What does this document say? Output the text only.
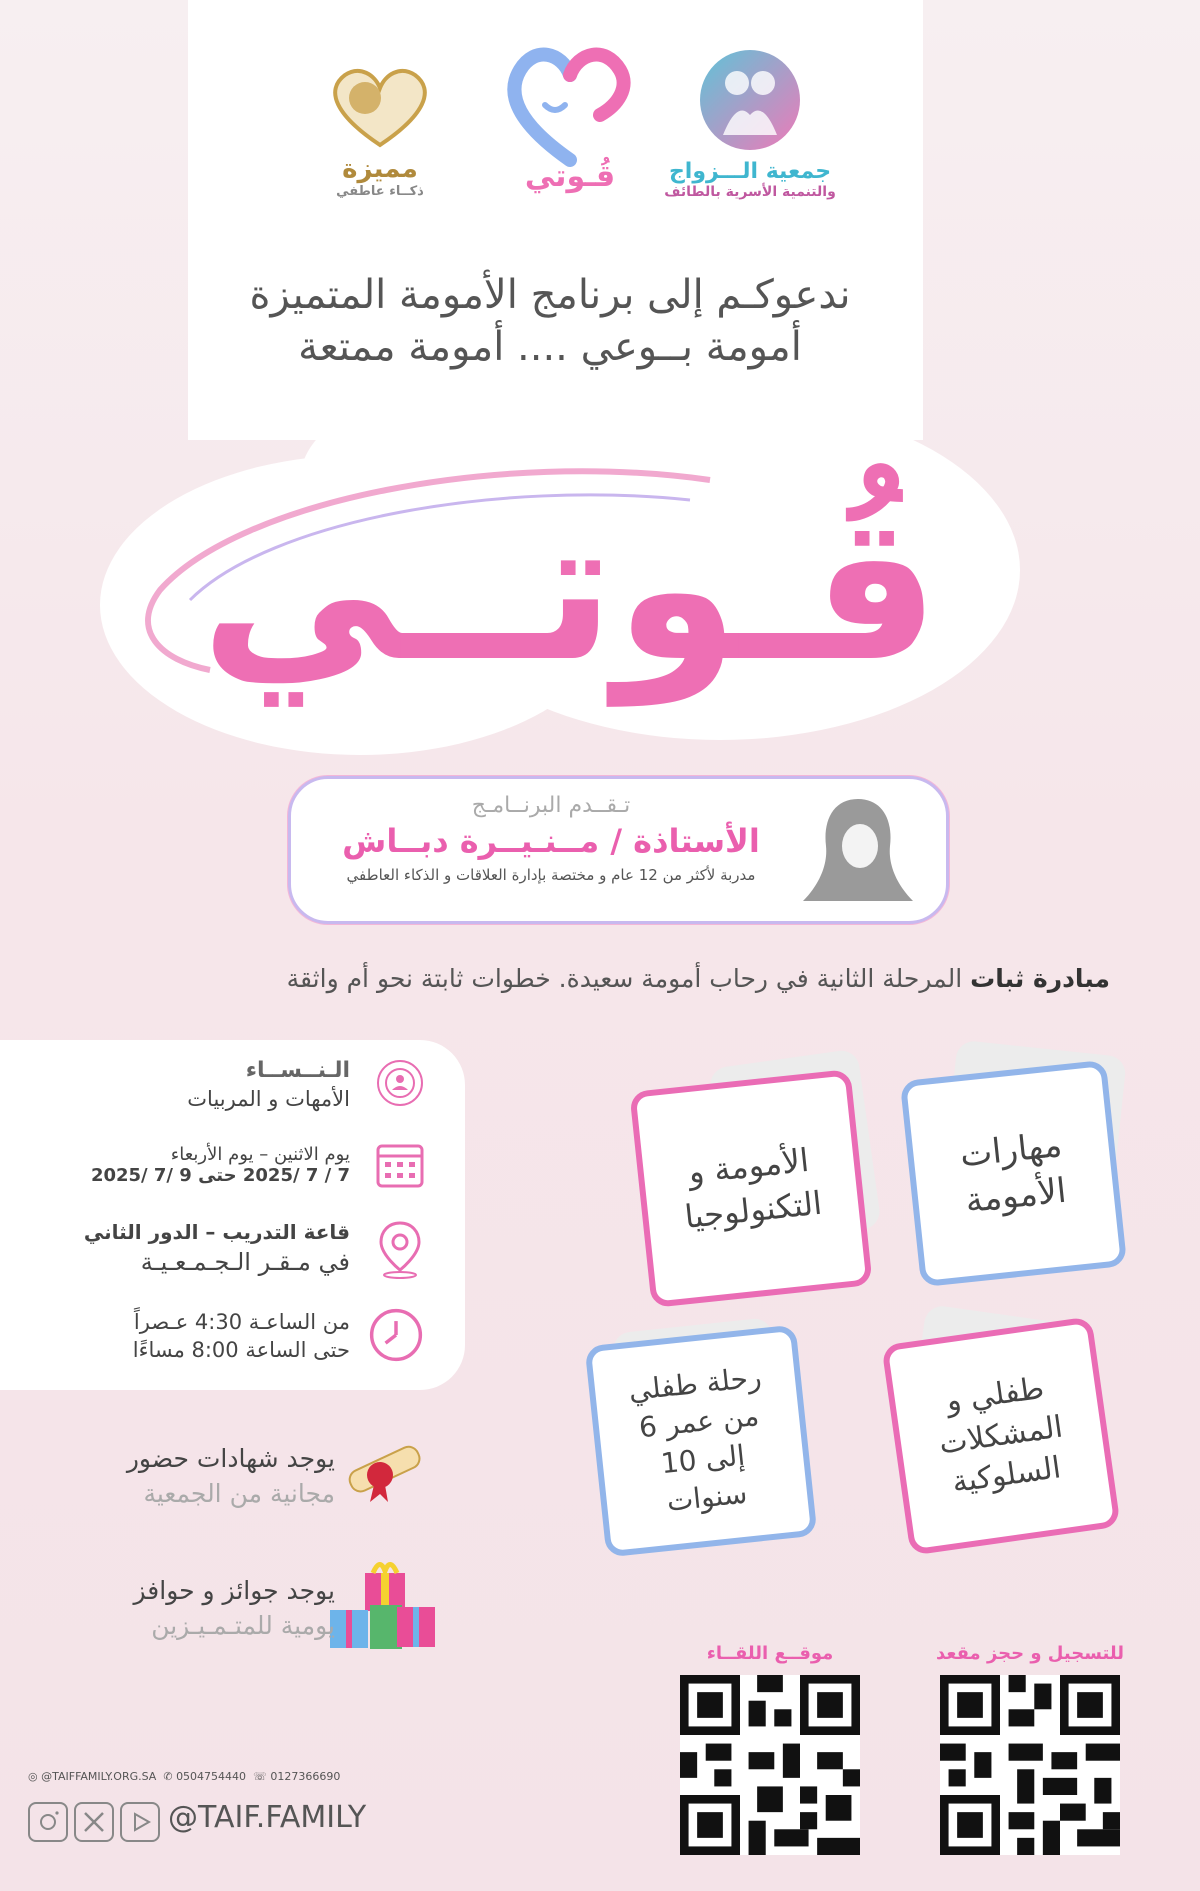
جمعية الـــزواج
والتنمية الأسرية بالطائف
قُـوتي
مميزة
ذكــاء عاطفي
ندعوكـم إلى برنامج الأمومة المتميزة
أمومة بــوعي .... أمومة ممتعة
قُـوتــي
تـقــدم البرنــامـج
الأستاذة / مــنـيــرة دبــاش
مدربة لأكثر من 12 عام و مختصة بإدارة العلاقات و الذكاء العاطفي
مبادرة ثبات المرحلة الثانية في رحاب أمومة سعيدة. خطوات ثابتة نحو أم واثقة
الـنــســاء
الأمهات و المربيات
يوم الاثنين – يوم الأربعاء
7 / 7 /2025 حتى 9 /7 /2025
قاعة التدريب – الدور الثاني
في مـقـر الـجـمـعـيـة
من الساعـة 4:30 عـصراً
حتى الساعة 8:00 مساءًا
مهارات الأمومة
الأمومة و التكنولوجيا
طفلي و المشكلات السلوكية
رحلة طفلي من عمر 6 إلى 10 سنوات
يوجد شهادات حضور
مجانية من الجمعية
يوجد جوائز و حوافز
يومية للمتـمـيـزين
للتسجيل و حجز مقعد
موقــع اللقــاء
◎ @TAIFFAMILY.ORG.SA ✆ 0504754440 ☏ 0127366690
@TAIF.FAMILY
